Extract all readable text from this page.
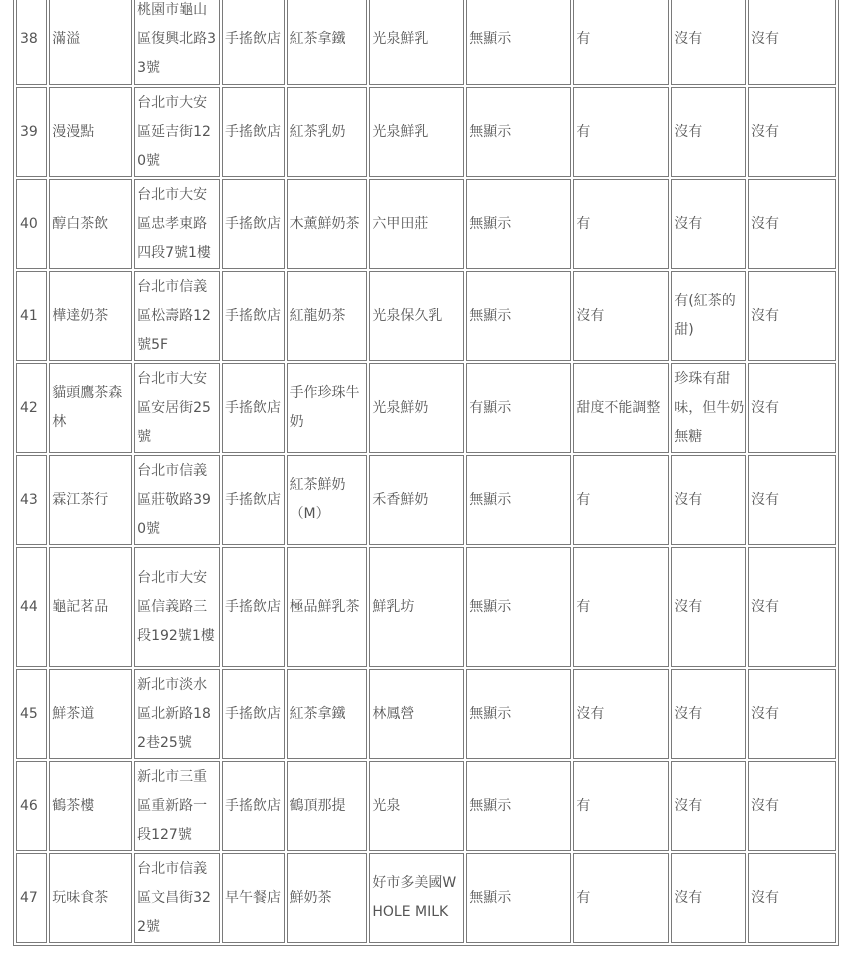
38	滿溢	桃園市龜山區復興北路33號	手搖飲店	紅茶拿鐵	光泉鮮乳	無顯示	有	沒有	沒有
39	漫漫點	台北市大安區延吉街120號	手搖飲店	紅茶乳奶	光泉鮮乳	無顯示	有	沒有	沒有
40	醇白茶飲	台北市大安區忠孝東路四段7號1樓	手搖飲店	木薰鮮奶茶	六甲田莊	無顯示	有	沒有	沒有
41	樺達奶茶	台北市信義區松壽路12號5F	手搖飲店	紅龍奶茶	光泉保久乳	無顯示	沒有	有(紅茶的甜)	沒有
42	貓頭鷹茶森林	台北市大安區安居街25號	手搖飲店	手作珍珠牛奶	光泉鮮奶	有顯示	甜度不能調整	珍珠有甜味，但牛奶無糖	沒有
43	霖江茶行	台北市信義區莊敬路390號	手搖飲店	紅茶鮮奶（M）	禾香鮮奶	無顯示	有	沒有	沒有
44	龜記茗品	台北市大安區信義路三段192號1樓	手搖飲店	極品鮮乳茶	鮮乳坊	無顯示	有	沒有	沒有
45	鮮茶道	新北市淡水區北新路182巷25號	手搖飲店	紅茶拿鐵	林鳳營	無顯示	沒有	沒有	沒有
46	鶴茶樓	新北市三重區重新路一段127號	手搖飲店	鶴頂那提	光泉	無顯示	有	沒有	沒有
47	玩味食茶	台北市信義區文昌街322號	早午餐店	鮮奶茶	好市多美國WHOLE MILK	無顯示	有	沒有	沒有
